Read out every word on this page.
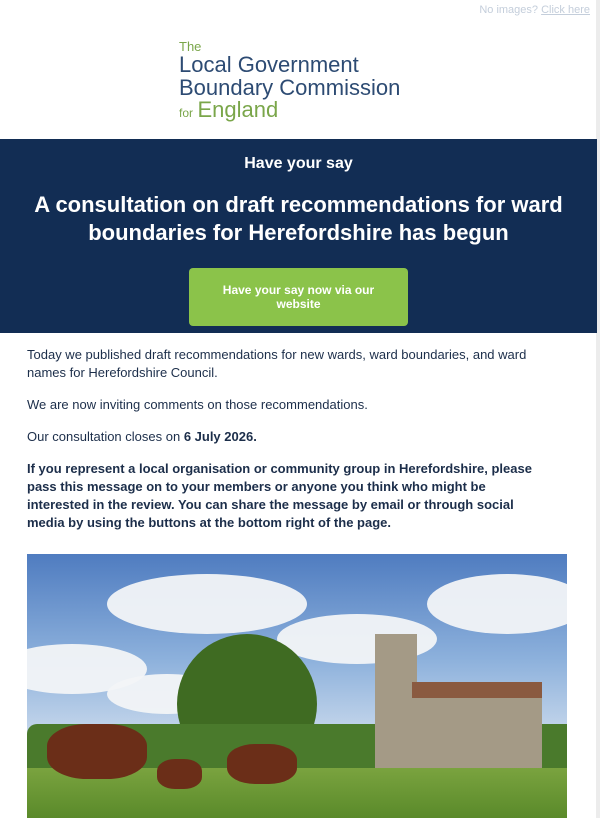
No images? Click here
The
Local Government
Boundary Commission
for England
Have your say
A consultation on draft recommendations for ward boundaries for Herefordshire has begun
Have your say now via our website

Today we published draft recommendations for new wards, ward boundaries, and ward names for Herefordshire Council.

We are now inviting comments on those recommendations.

Our consultation closes on 6 July 2026.

If you represent a local organisation or community group in Herefordshire, please pass this message on to your members or anyone you think who might be interested in the review. You can share the message by email or through social media by using the buttons at the bottom right of the page.
